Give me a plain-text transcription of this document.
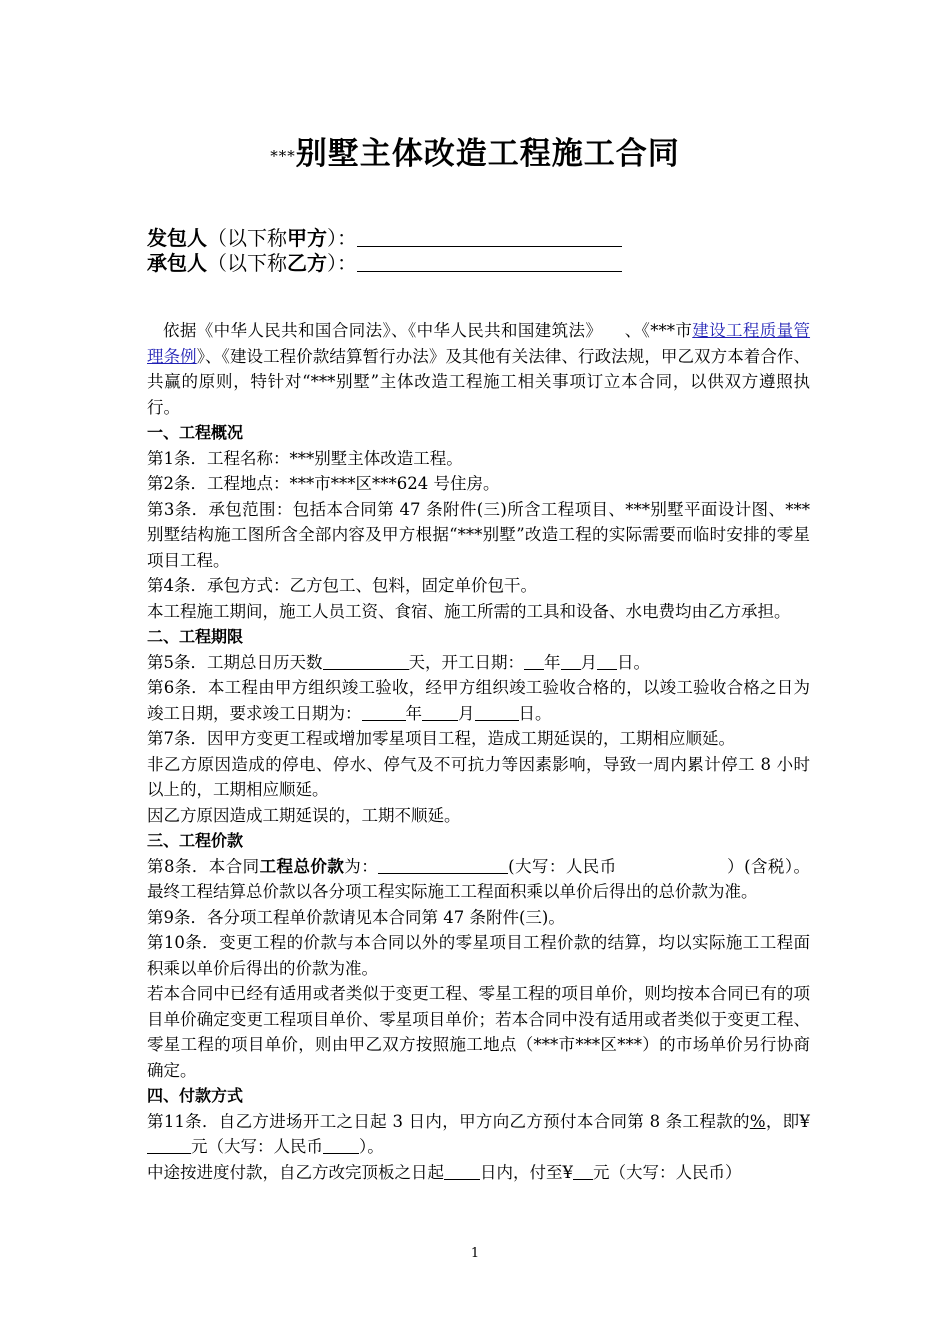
***别墅主体改造工程施工合同
发包人（以下称甲方）：
承包人（以下称乙方）：

依据《中华人民共和国合同法》、《中华人民共和国建筑法》 、《***市建设工程质量管理条例》、《建设工程价款结算暂行办法》及其他有关法律、行政法规，甲乙双方本着合作、共赢的原则，特针对“***别墅”主体改造工程施工相关事项订立本合同，以供双方遵照执行。

一、工程概况

第1条．工程名称：***别墅主体改造工程。

第2条．工程地点：***市***区***624 号住房。

第3条．承包范围：包括本合同第 47 条附件(三)所含工程项目、***别墅平面设计图、***别墅结构施工图所含全部内容及甲方根据“***别墅”改造工程的实际需要而临时安排的零星项目工程。

第4条．承包方式：乙方包工、包料，固定单价包干。

本工程施工期间，施工人员工资、食宿、施工所需的工具和设备、水电费均由乙方承担。

二、工程期限

第5条．工期总日历天数	天，开工日期： 年 月 日。

第6条．本工程由甲方组织竣工验收，经甲方组织竣工验收合格的，以竣工验收合格之日为竣工日期，要求竣工日期为：	年 月	日。

第7条．因甲方变更工程或增加零星项目工程，造成工期延误的，工期相应顺延。

非乙方原因造成的停电、停水、停气及不可抗力等因素影响，导致一周内累计停工 8 小时以上的，工期相应顺延。

因乙方原因造成工期延误的，工期不顺延。

三、工程价款

第8条．本合同工程总价款为：	(大写：人民币	）(含税）。 最终工程结算总价款以各分项工程实际施工工程面积乘以单价后得出的总价款为准。

第9条．各分项工程单价款请见本合同第 47 条附件(三)。

第10条．变更工程的价款与本合同以外的零星项目工程价款的结算，均以实际施工工程面积乘以单价后得出的价款为准。

若本合同中已经有适用或者类似于变更工程、零星工程的项目单价，则均按本合同已有的项目单价确定变更工程项目单价、零星项目单价；若本合同中没有适用或者类似于变更工程、零星工程的项目单价，则由甲乙双方按照施工地点（***市***区***）的市场单价另行协商确定。

四、付款方式

第11条．自乙方进场开工之日起 3 日内，甲方向乙方预付本合同第 8 条工程款的%，即¥元（大写：人民币 ）。

中途按进度付款，自乙方改完顶板之日起 日内，付至¥ 元（大写：人民币）

1
